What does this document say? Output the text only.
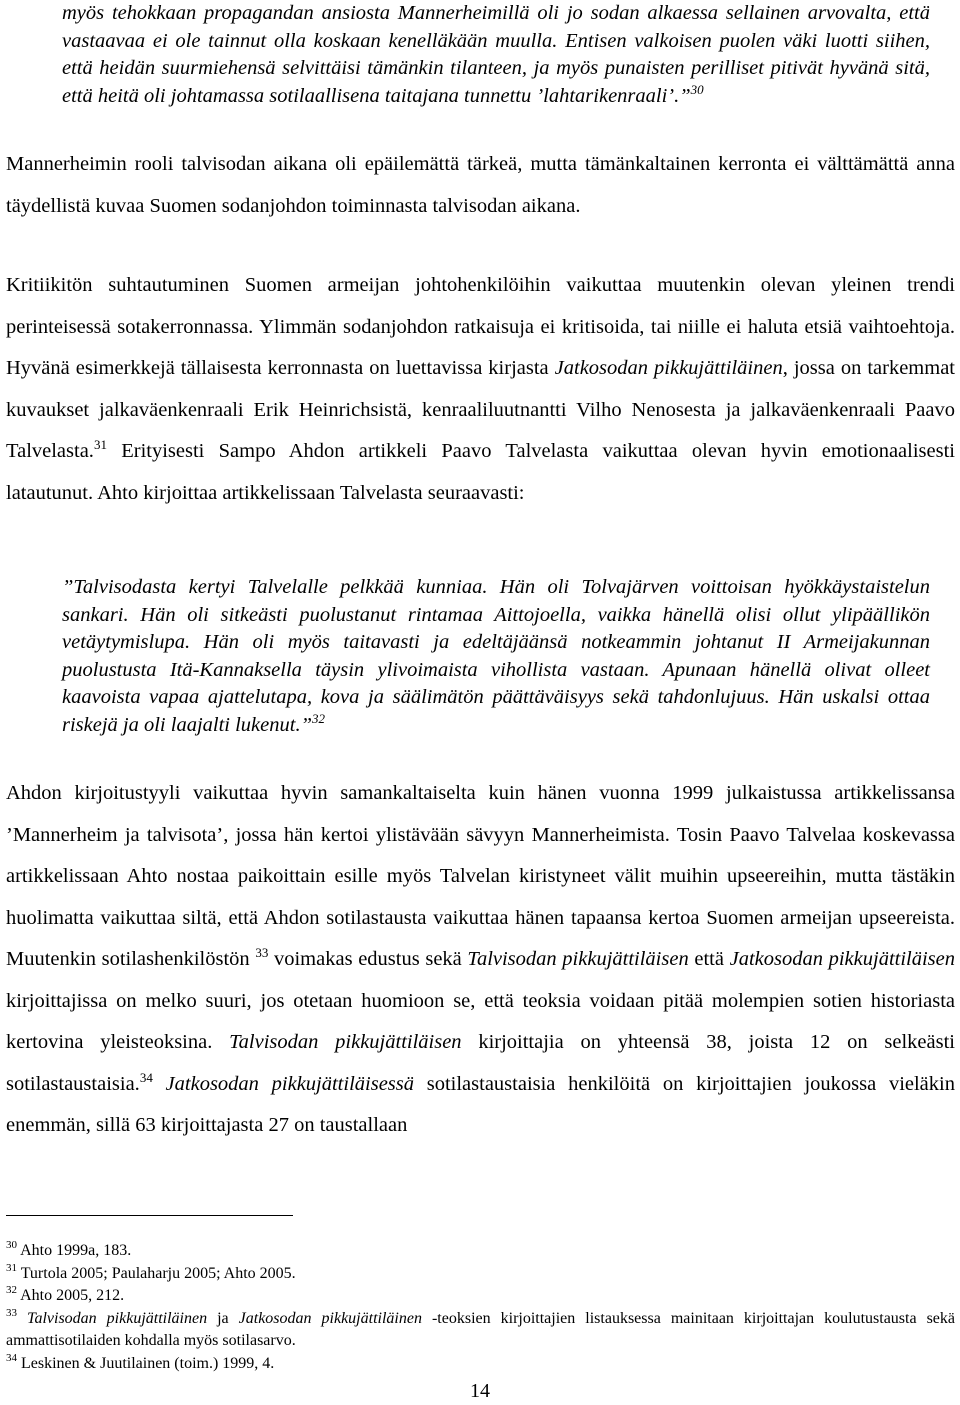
myös tehokkaan propagandan ansiosta Mannerheimillä oli jo sodan alkaessa sellainen arvovalta, että vastaavaa ei ole tainnut olla koskaan kenelläkään muulla. Entisen valkoisen puolen väki luotti siihen, että heidän suurmiehensä selvittäisi tämänkin tilanteen, ja myös punaisten perilliset pitivät hyvänä sitä, että heitä oli johtamassa sotilaallisena taitajana tunnettu ’lahtarikenraali’.”$^{30}$
Mannerheimin rooli talvisodan aikana oli epäilemättä tärkeä, mutta tämänkaltainen kerronta ei välttämättä anna täydellistä kuvaa Suomen sodanjohdon toiminnasta talvisodan aikana.
Kritiikitön suhtautuminen Suomen armeijan johtohenkilöihin vaikuttaa muutenkin olevan yleinen trendi perinteisessä sotakerronnassa. Ylimmän sodanjohdon ratkaisuja ei kritisoida, tai niille ei haluta etsiä vaihtoehtoja. Hyvänä esimerkkejä tällaisesta kerronnasta on luettavissa kirjasta Jatkosodan pikkujättiläinen, jossa on tarkemmat kuvaukset jalkaväenkenraali Erik Heinrichsistä, kenraaliluutnantti Vilho Nenosesta ja jalkaväenkenraali Paavo Talvelasta.$^{31}$ Erityisesti Sampo Ahdon artikkeli Paavo Talvelasta vaikuttaa olevan hyvin emotionaalisesti latautunut. Ahto kirjoittaa artikkelissaan Talvelasta seuraavasti:
”Talvisodasta kertyi Talvelalle pelkkää kunniaa. Hän oli Tolvajärven voittoisan hyökkäystaistelun sankari. Hän oli sitkeästi puolustanut rintamaa Aittojoella, vaikka hänellä olisi ollut ylipäällikön vetäytymislupa. Hän oli myös taitavasti ja edeltäjäänsä notkeammin johtanut II Armeijakunnan puolustusta Itä-Kannaksella täysin ylivoimaista vihollista vastaan. Apunaan hänellä olivat olleet kaavoista vapaa ajattelutapa, kova ja säälimätön päättäväisyys sekä tahdonlujuus. Hän uskalsi ottaa riskejä ja oli laajalti lukenut.”$^{32}$
Ahdon kirjoitustyyli vaikuttaa hyvin samankaltaiselta kuin hänen vuonna 1999 julkaistussa artikkelissansa ’Mannerheim ja talvisota’, jossa hän kertoi ylistävään sävyyn Mannerheimista. Tosin Paavo Talvelaa koskevassa artikkelissaan Ahto nostaa paikoittain esille myös Talvelan kiristyneet välit muihin upseereihin, mutta tästäkin huolimatta vaikuttaa siltä, että Ahdon sotilastausta vaikuttaa hänen tapaansa kertoa Suomen armeijan upseereista. Muutenkin sotilashenkilöstön $^{33}$ voimakas edustus sekä Talvisodan pikkujättiläisen että Jatkosodan pikkujättiläisen kirjoittajissa on melko suuri, jos otetaan huomioon se, että teoksia voidaan pitää molempien sotien historiasta kertovina yleisteoksina. Talvisodan pikkujättiläisen kirjoittajia on yhteensä 38, joista 12 on selkeästi sotilastaustaisia.$^{34}$ Jatkosodan pikkujättiläisessä sotilastaustaisia henkilöitä on kirjoittajien joukossa vieläkin enemmän, sillä 63 kirjoittajasta 27 on taustallaan

$^{30}$ Ahto 1999a, 183.

$^{31}$ Turtola 2005; Paulaharju 2005; Ahto 2005.

$^{32}$ Ahto 2005, 212.

$^{33}$ Talvisodan pikkujättiläinen ja Jatkosodan pikkujättiläinen -teoksien kirjoittajien listauksessa mainitaan kirjoittajan koulutustausta sekä ammattisotilaiden kohdalla myös sotilasarvo.

$^{34}$ Leskinen & Juutilainen (toim.) 1999, 4.

14
